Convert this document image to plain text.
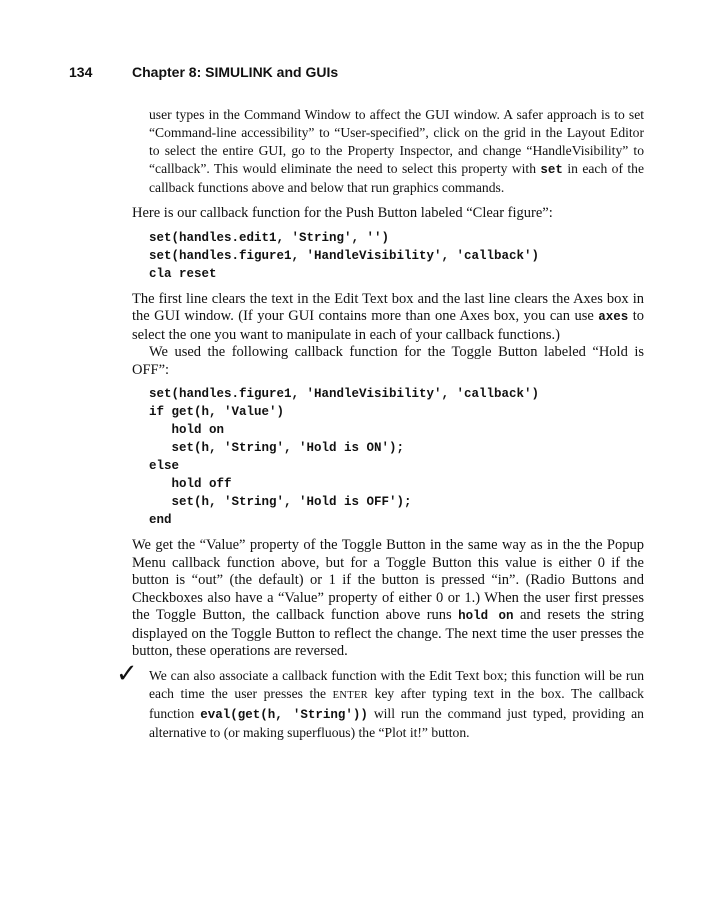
134	Chapter 8: SIMULINK and GUIs

user types in the Command Window to affect the GUI window. A safer approach is to set “Command-line accessibility” to “User-specified”, click on the grid in the Layout Editor to select the entire GUI, go to the Property Inspector, and change “HandleVisibility” to “callback”. This would eliminate the need to select this property with set in each of the callback functions above and below that run graphics commands.

Here is our callback function for the Push Button labeled “Clear figure”:

set(handles.edit1, 'String', '')
set(handles.figure1, 'HandleVisibility', 'callback')
cla reset

The first line clears the text in the Edit Text box and the last line clears the Axes box in the GUI window. (If your GUI contains more than one Axes box, you can use axes to select the one you want to manipulate in each of your callback functions.)

We used the following callback function for the Toggle Button labeled “Hold is OFF”:

set(handles.figure1, 'HandleVisibility', 'callback')
if get(h, 'Value')
hold on
set(h, 'String', 'Hold is ON');
else
hold off
set(h, 'String', 'Hold is OFF');
end

We get the “Value” property of the Toggle Button in the same way as in the the Popup Menu callback function above, but for a Toggle Button this value is either 0 if the button is “out” (the default) or 1 if the button is pressed “in”. (Radio Buttons and Checkboxes also have a “Value” property of either 0 or 1.) When the user first presses the Toggle Button, the callback function above runs hold on and resets the string displayed on the Toggle Button to reflect the change. The next time the user presses the button, these operations are reversed.

✓ We can also associate a callback function with the Edit Text box; this function will be run each time the user presses the ENTER key after typing text in the box. The callback function eval(get(h, 'String')) will run the command just typed, providing an alternative to (or making superfluous) the “Plot it!” button.
